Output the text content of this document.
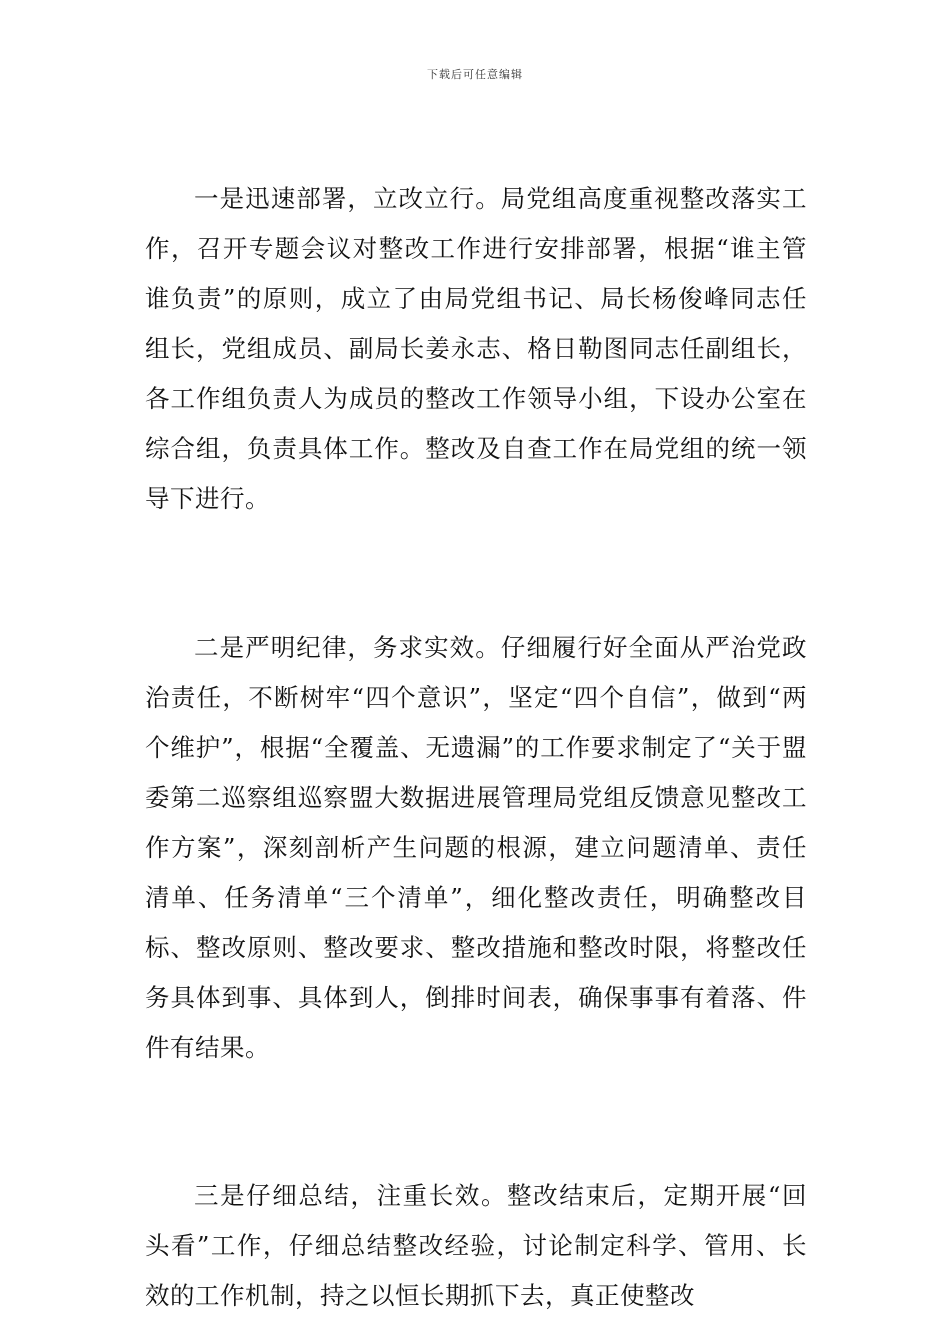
下载后可任意编辑

一是迅速部署，立改立行。局党组高度重视整改落实工作，召开专题会议对整改工作进行安排部署，根据“谁主管谁负责”的原则，成立了由局党组书记、局长杨俊峰同志任组长，党组成员、副局长姜永志、格日勒图同志任副组长，各工作组负责人为成员的整改工作领导小组，下设办公室在综合组，负责具体工作。整改及自查工作在局党组的统一领导下进行。

二是严明纪律，务求实效。仔细履行好全面从严治党政治责任，不断树牢“四个意识”，坚定“四个自信”，做到“两个维护”，根据“全覆盖、无遗漏”的工作要求制定了“关于盟委第二巡察组巡察盟大数据进展管理局党组反馈意见整改工作方案”，深刻剖析产生问题的根源，建立问题清单、责任清单、任务清单“三个清单”，细化整改责任，明确整改目标、整改原则、整改要求、整改措施和整改时限，将整改任务具体到事、具体到人，倒排时间表，确保事事有着落、件件有结果。

三是仔细总结，注重长效。整改结束后，定期开展“回头看”工作，仔细总结整改经验，讨论制定科学、管用、长效的工作机制，持之以恒长期抓下去，真正使整改
